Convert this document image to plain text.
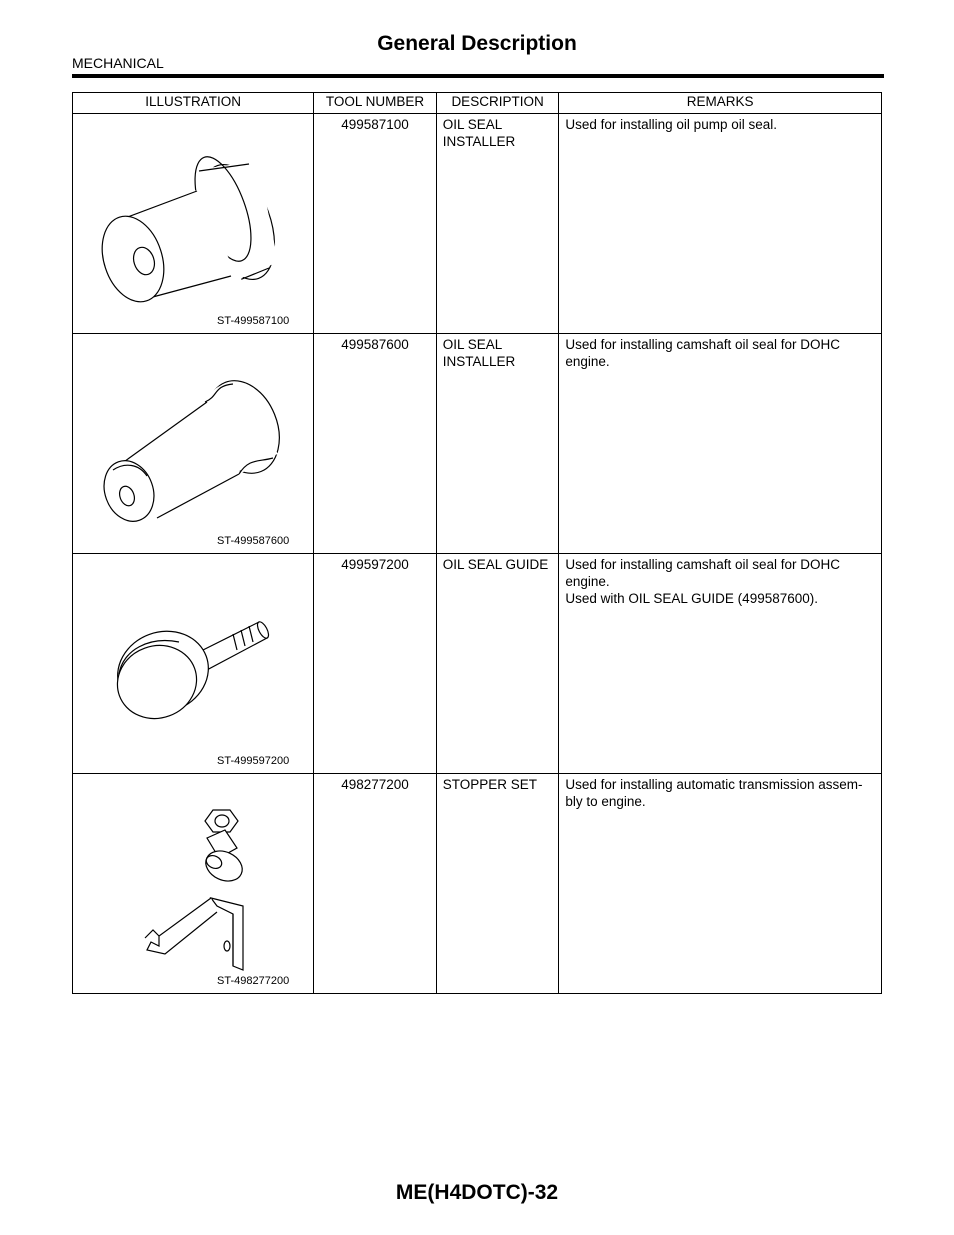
General Description
MECHANICAL
ILLUSTRATION	TOOL NUMBER	DESCRIPTION	REMARKS

ST-499587100	499587100	OIL SEAL INSTALLER	Used for installing oil pump oil seal.

ST-499587600	499587600	OIL SEAL INSTALLER	Used for installing camshaft oil seal for DOHC engine.

ST-499597200	499597200	OIL SEAL GUIDE	Used for installing camshaft oil seal for DOHC engine.
Used with OIL SEAL GUIDE (499587600).

ST-498277200	498277200	STOPPER SET	Used for installing automatic transmission assem-bly to engine.
ME(H4DOTC)-32
